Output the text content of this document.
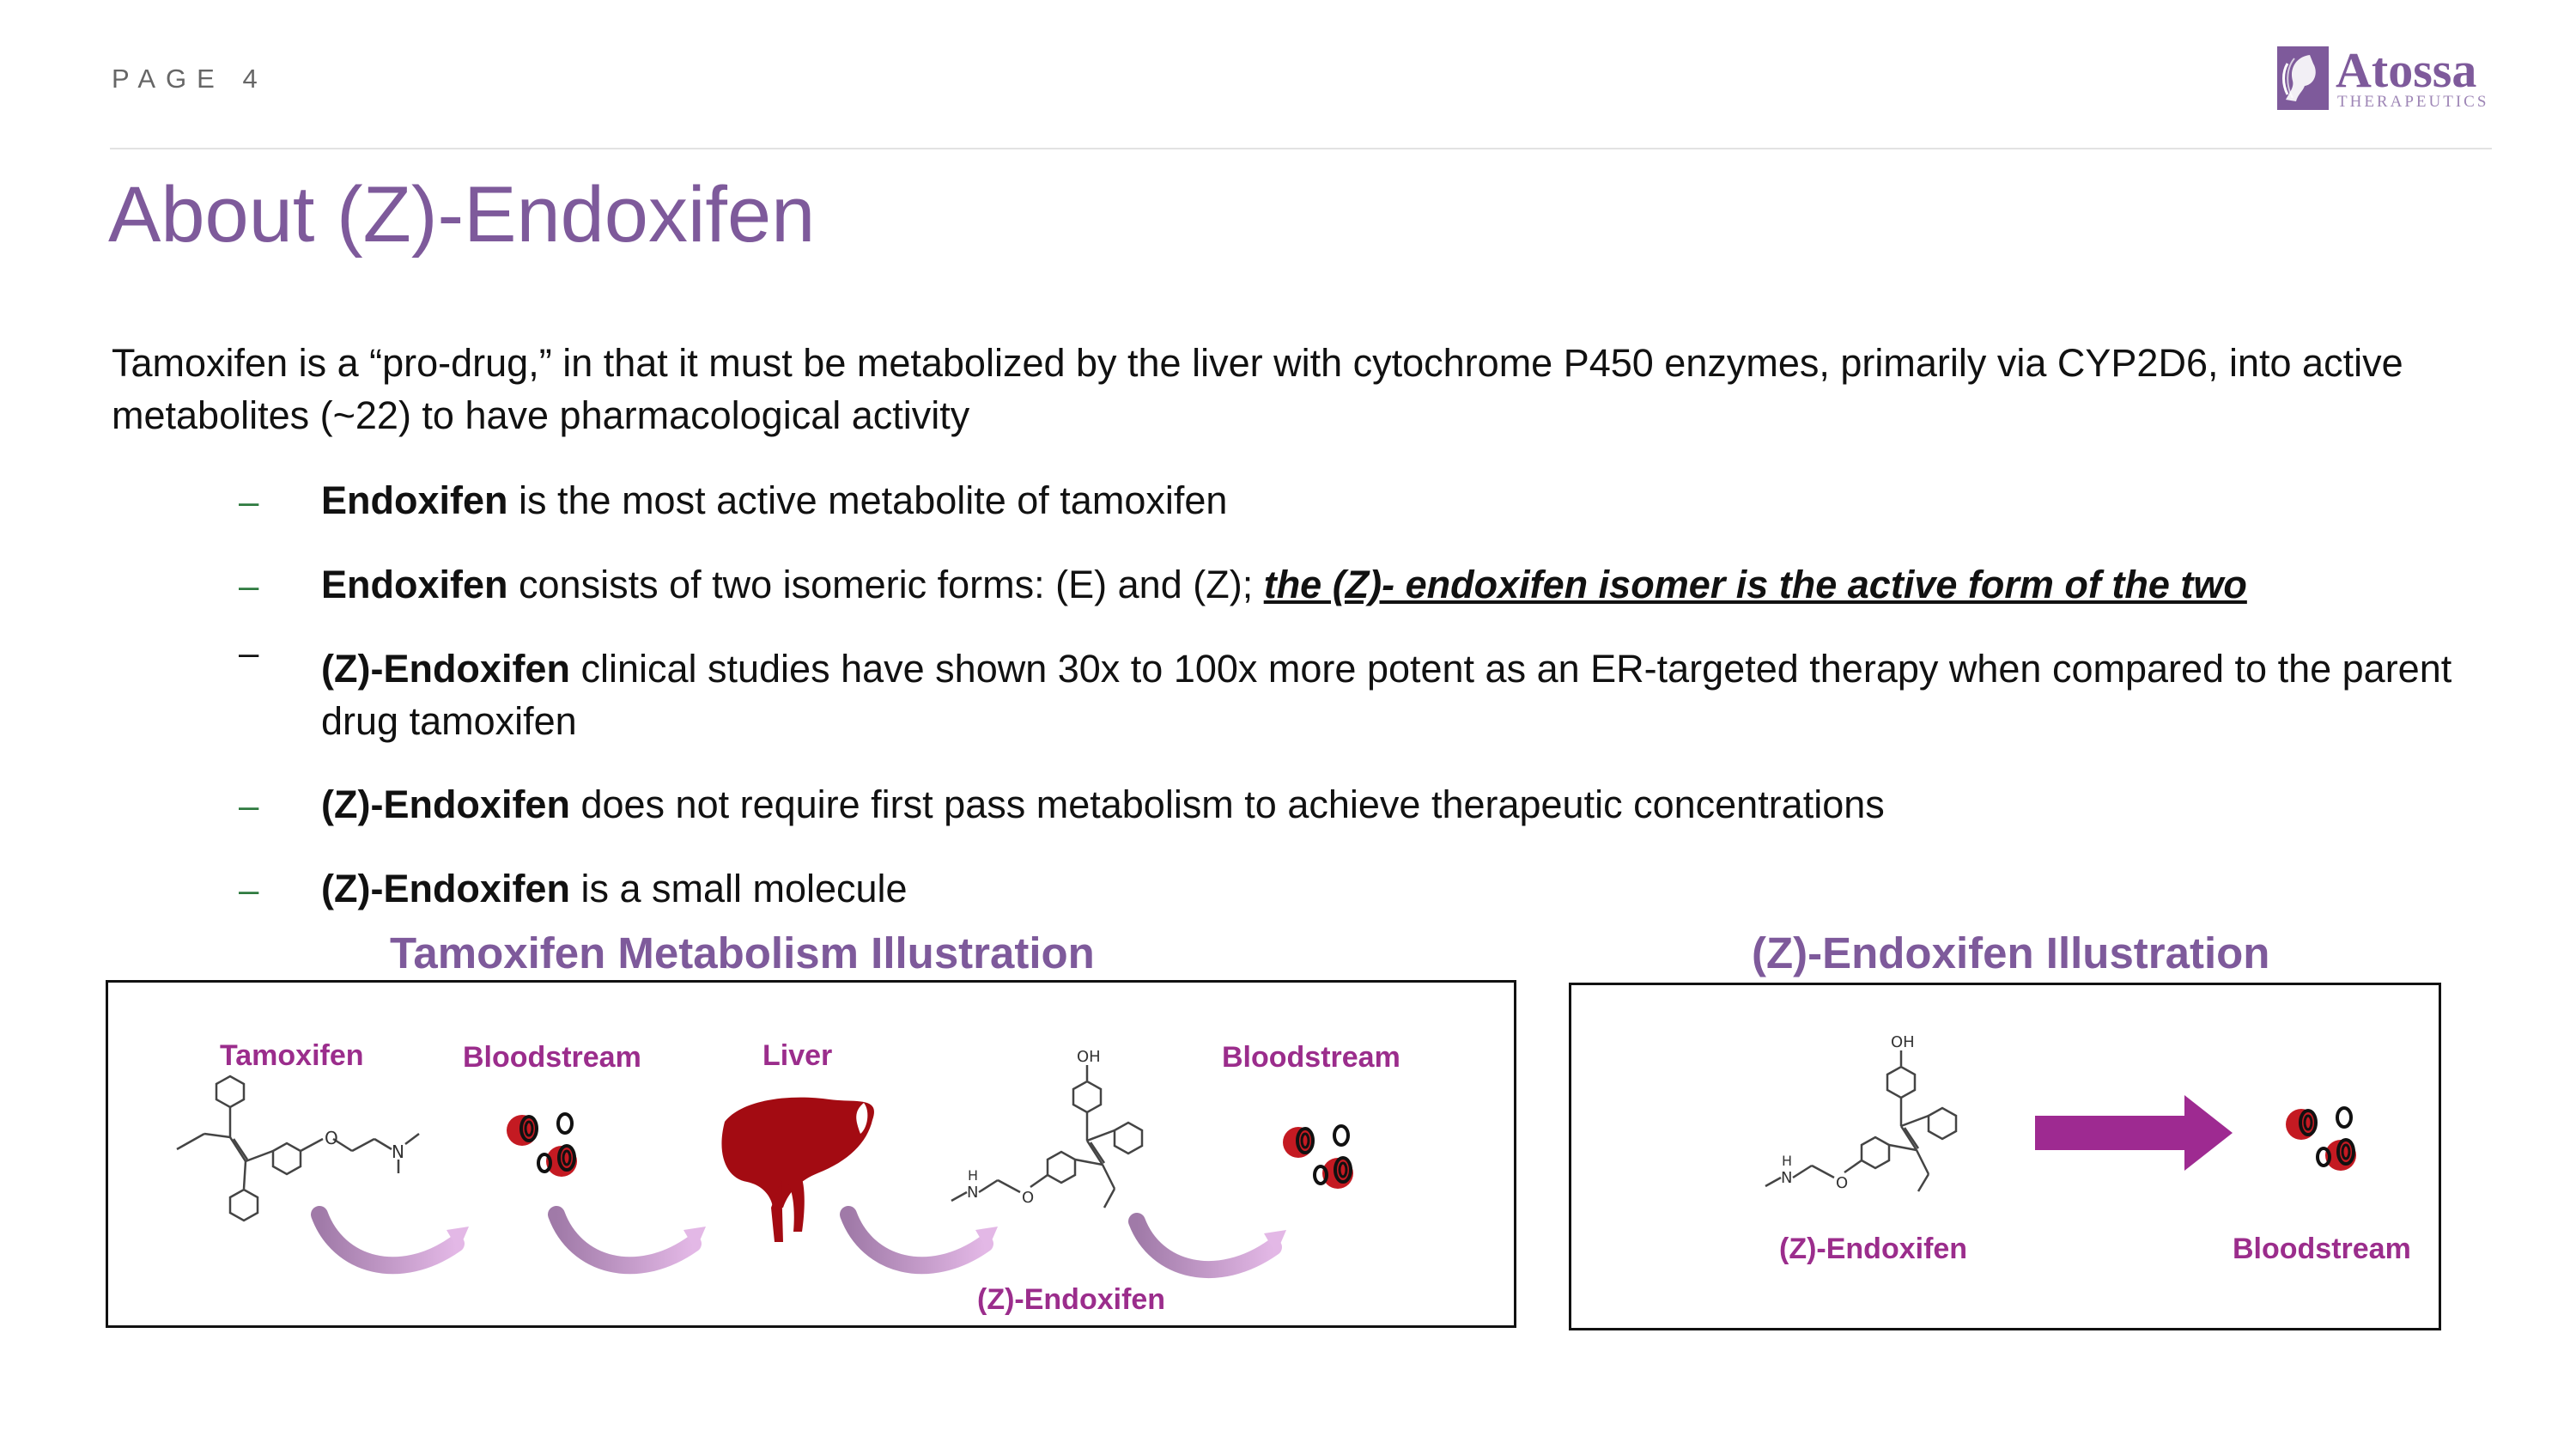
PAGE 4	Atossa
THERAPEUTICS
About (Z)-Endoxifen
Tamoxifen is a “pro-drug,” in that it must be metabolized by the liver with cytochrome P450 enzymes, primarily via CYP2D6, into active metabolites (~22) to have pharmacological activity
– Endoxifen is the most active metabolite of tamoxifen
– Endoxifen consists of two isomeric forms: (E) and (Z); the (Z)- endoxifen isomer is the active form of the two
– (Z)-Endoxifen clinical studies have shown 30x to 100x more potent as an ER-targeted therapy when compared to the parent drug tamoxifen
– (Z)-Endoxifen does not require first pass metabolism to achieve therapeutic concentrations
– (Z)-Endoxifen is a small molecule
Tamoxifen Metabolism Illustration	(Z)-Endoxifen Illustration
O
N
Tamoxifen	Bloodstream	Liver	Bloodstream
(Z)-Endoxifen
OH
O
N
H
OH
O
N
H
(Z)-Endoxifen	Bloodstream
